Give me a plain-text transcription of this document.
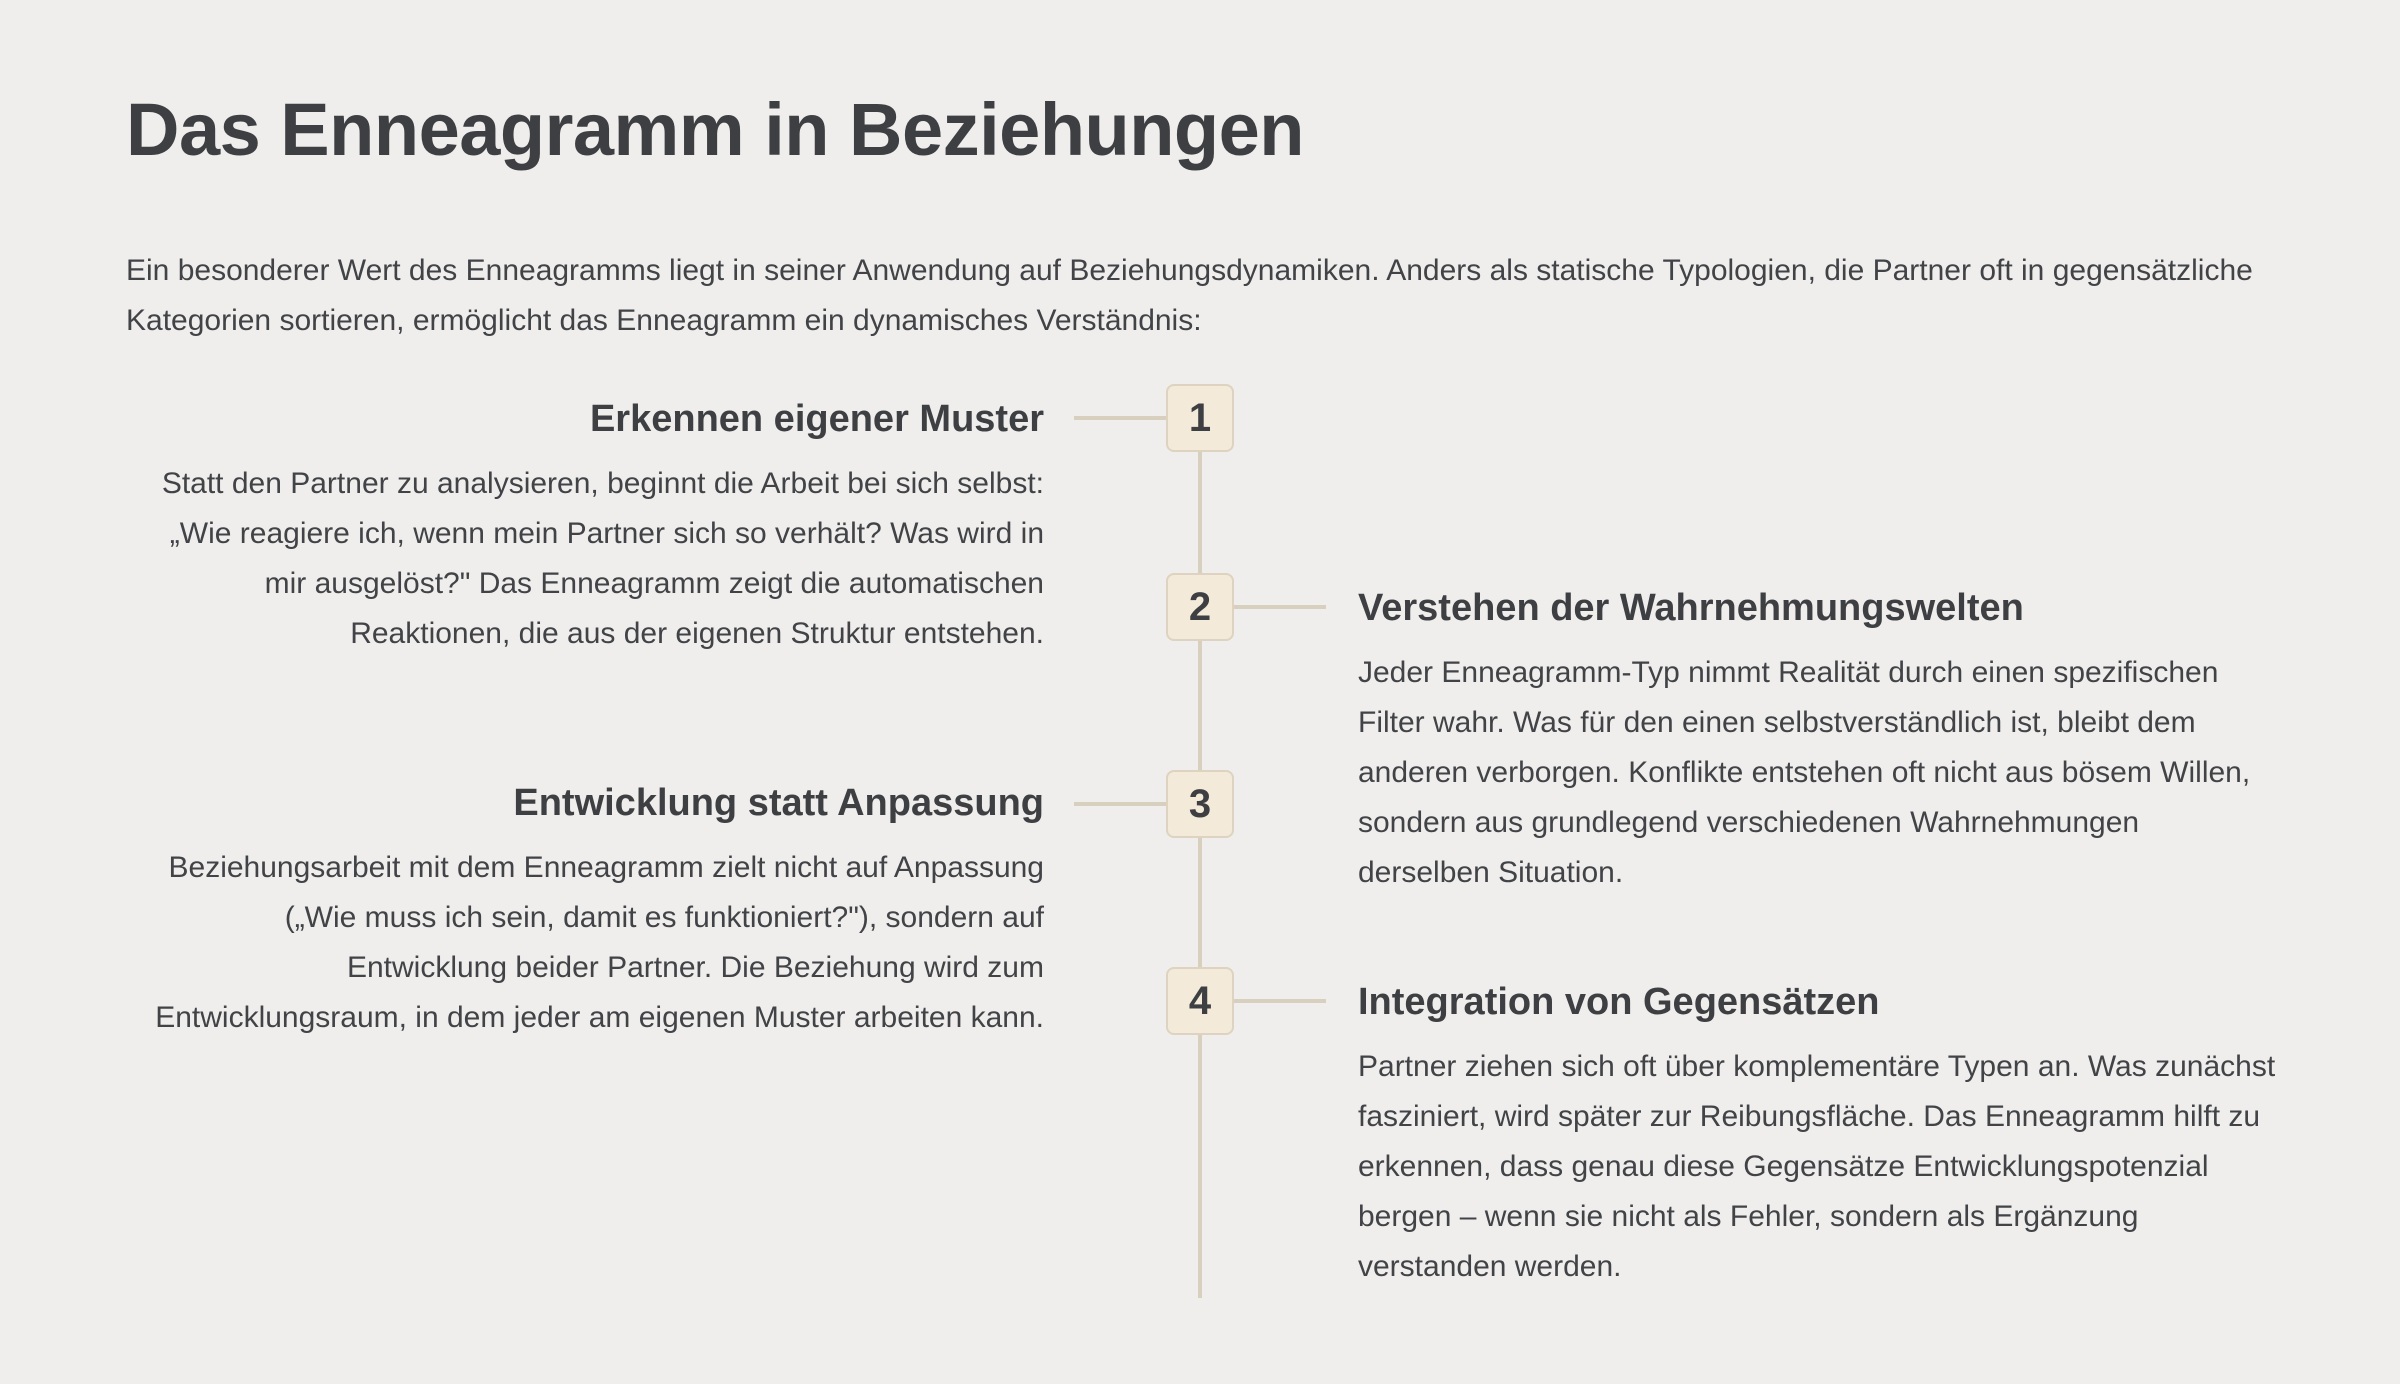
Das Enneagramm in Beziehungen

Ein besonderer Wert des Enneagramms liegt in seiner Anwendung auf Beziehungsdynamiken. Anders als statische Typologien, die Partner oft in gegensätzliche Kategorien sortieren, ermöglicht das Enneagramm ein dynamisches Verständnis:

1
Erkennen eigener Muster

Statt den Partner zu analysieren, beginnt die Arbeit bei sich selbst: „Wie reagiere ich, wenn mein Partner sich so verhält? Was wird in mir ausgelöst?" Das Enneagramm zeigt die automatischen Reaktionen, die aus der eigenen Struktur entstehen.

2	Verstehen der Wahrnehmungswelten

Jeder Enneagramm-Typ nimmt Realität durch einen spezifischen Filter wahr. Was für den einen selbstverständlich ist, bleibt dem anderen verborgen. Konflikte entstehen oft nicht aus bösem Willen, sondern aus grundlegend verschiedenen Wahrnehmungen derselben Situation.

3
Entwicklung statt Anpassung

Beziehungsarbeit mit dem Enneagramm zielt nicht auf Anpassung („Wie muss ich sein, damit es funktioniert?"), sondern auf Entwicklung beider Partner. Die Beziehung wird zum Entwicklungsraum, in dem jeder am eigenen Muster arbeiten kann.	4	Integration von Gegensätzen

Partner ziehen sich oft über komplementäre Typen an. Was zunächst fasziniert, wird später zur Reibungsfläche. Das Enneagramm hilft zu erkennen, dass genau diese Gegensätze Entwicklungspotenzial bergen – wenn sie nicht als Fehler, sondern als Ergänzung verstanden werden.
